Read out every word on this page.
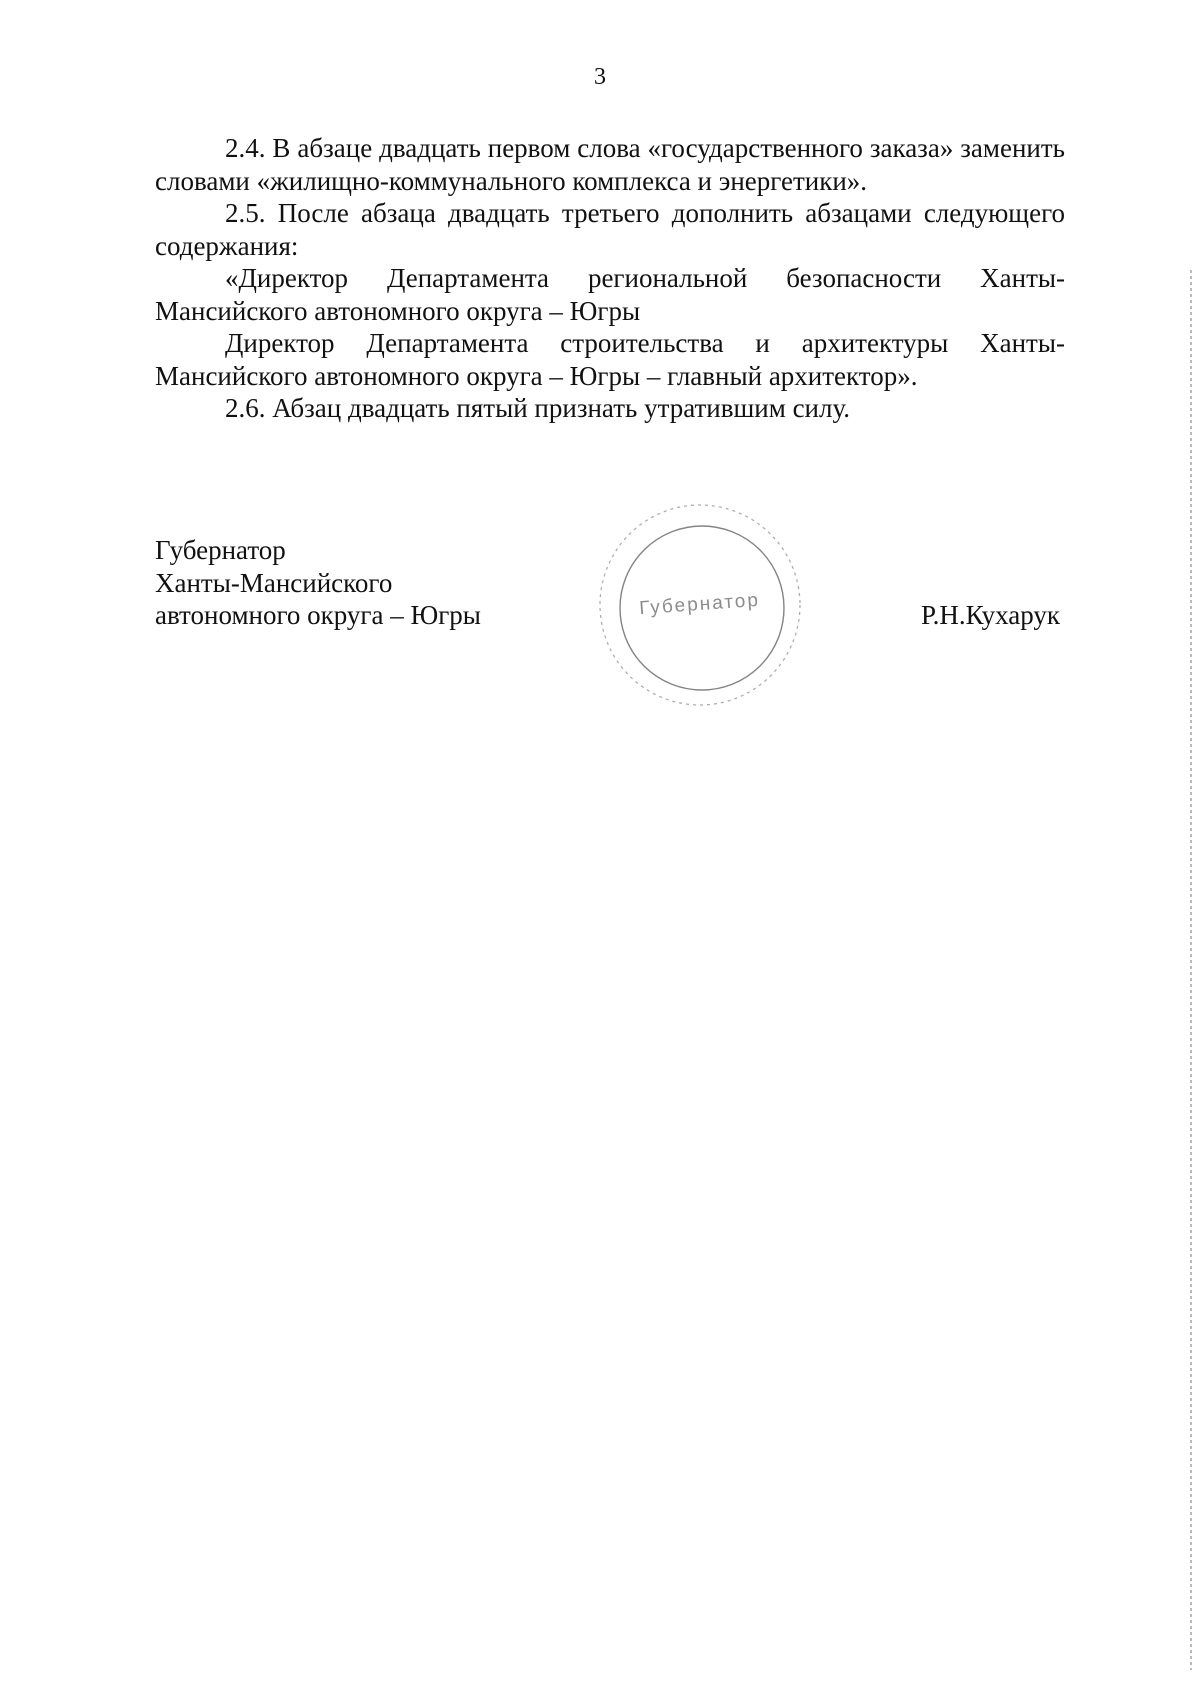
3

2.4. В абзаце двадцать первом слова «государственного заказа» заменить словами «жилищно-коммунального комплекса и энергетики».

2.5. После абзаца двадцать третьего дополнить абзацами следующего содержания:

«Директор Департамента региональной безопасности Ханты-Мансийского автономного округа – Югры

Директор Департамента строительства и архитектуры Ханты-Мансийского автономного округа – Югры – главный архитектор».

2.6. Абзац двадцать пятый признать утратившим силу.

Губернатор
Ханты-Мансийского
автономного округа – Югры	Губернатор	Р.Н.Кухарук
